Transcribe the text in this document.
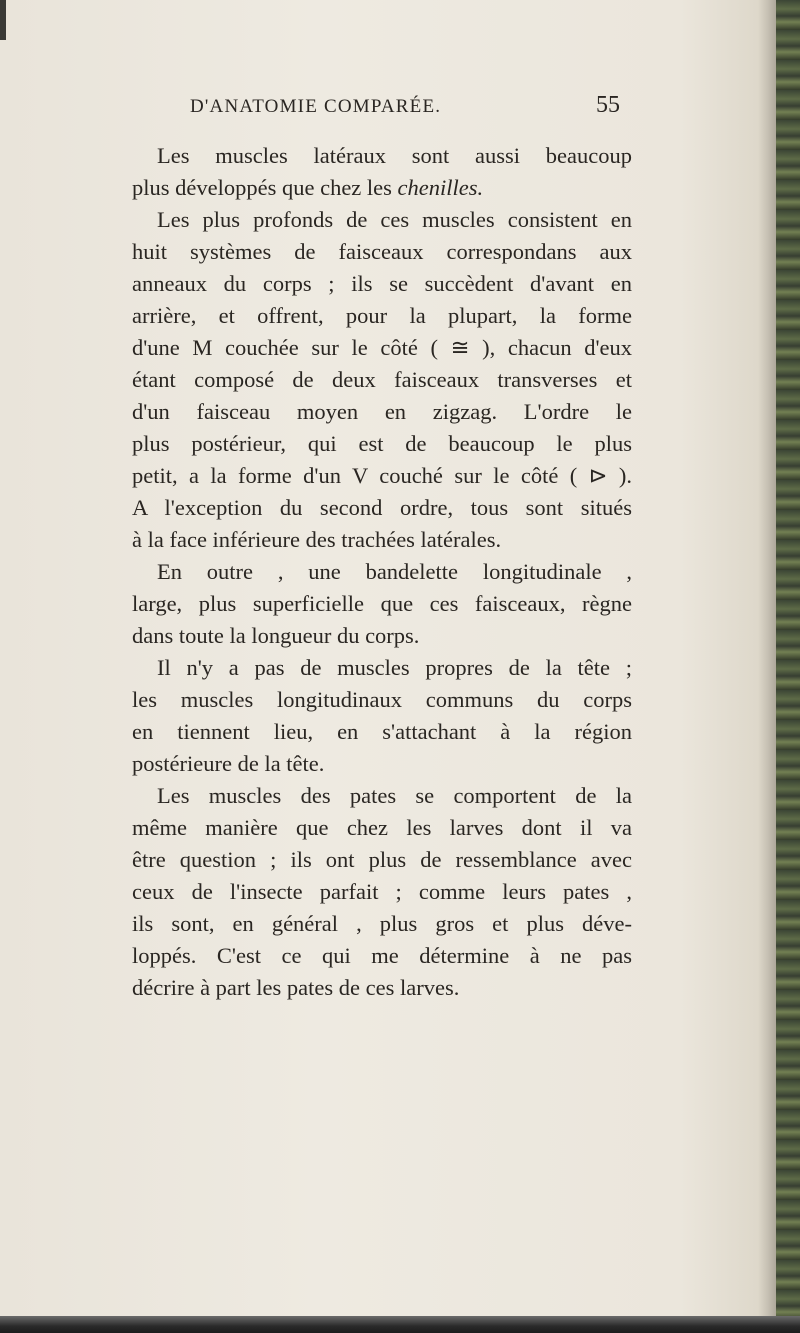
D'ANATOMIE COMPARÉE.	55
Les muscles latéraux sont aussi beaucoup
plus développés que chez les chenilles.
Les plus profonds de ces muscles consistent en
huit systèmes de faisceaux correspondans aux
anneaux du corps ; ils se succèdent d'avant en
arrière, et offrent, pour la plupart, la forme
d'une M couchée sur le côté ( ≅ ), chacun d'eux
étant composé de deux faisceaux transverses et
d'un faisceau moyen en zigzag. L'ordre le
plus postérieur, qui est de beaucoup le plus
petit, a la forme d'un V couché sur le côté ( ⊳ ).
A l'exception du second ordre, tous sont situés
à la face inférieure des trachées latérales.
En outre , une bandelette longitudinale ,
large, plus superficielle que ces faisceaux, règne
dans toute la longueur du corps.
Il n'y a pas de muscles propres de la tête ;
les muscles longitudinaux communs du corps
en tiennent lieu, en s'attachant à la région
postérieure de la tête.
Les muscles des pates se comportent de la
même manière que chez les larves dont il va
être question ; ils ont plus de ressemblance avec
ceux de l'insecte parfait ; comme leurs pates ,
ils sont, en général , plus gros et plus déve-
loppés. C'est ce qui me détermine à ne pas
décrire à part les pates de ces larves.
